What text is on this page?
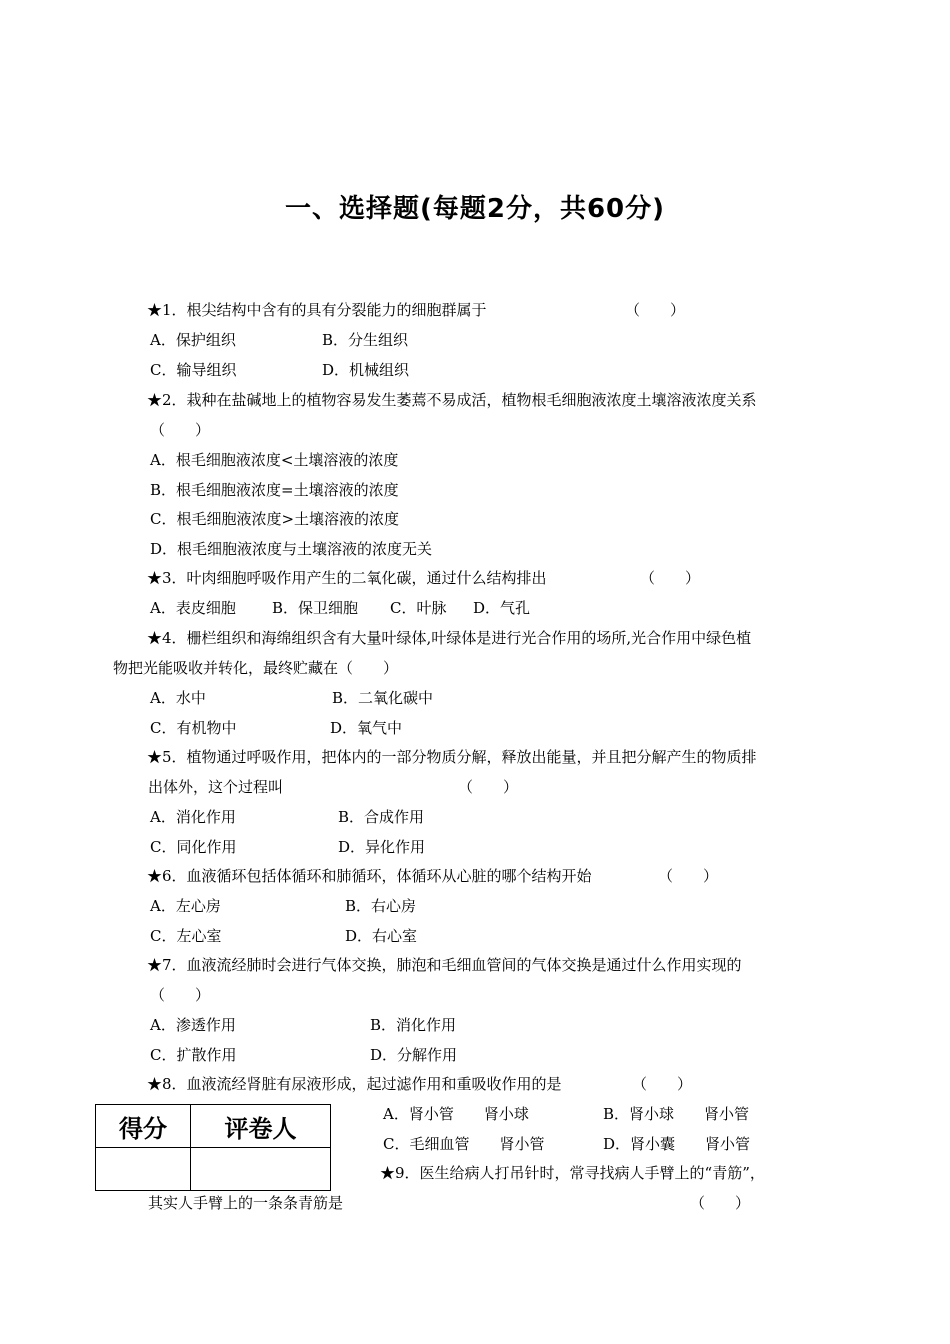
一、选择题(每题2分，共60分)
★1．根尖结构中含有的具有分裂能力的细胞群属于	（　　）
A．保护组织	B．分生组织
C．输导组织	D．机械组织
★2．栽种在盐碱地上的植物容易发生萎蔫不易成活，植物根毛细胞液浓度土壤溶液浓度关系
（　　）
A．根毛细胞液浓度<土壤溶液的浓度
B．根毛细胞液浓度=土壤溶液的浓度
C．根毛细胞液浓度>土壤溶液的浓度
D．根毛细胞液浓度与土壤溶液的浓度无关
★3．叶肉细胞呼吸作用产生的二氧化碳，通过什么结构排出	（　　）
A．表皮细胞 B．保卫细胞 C．叶脉 D．气孔
★4．栅栏组织和海绵组织含有大量叶绿体,叶绿体是进行光合作用的场所,光合作用中绿色植
物把光能吸收并转化，最终贮藏在（　　）
A．水中	B．二氧化碳中
C．有机物中	D．氧气中
★5．植物通过呼吸作用，把体内的一部分物质分解，释放出能量，并且把分解产生的物质排
出体外，这个过程叫	（　　）
A．消化作用	B．合成作用
C．同化作用	D．异化作用
★6．血液循环包括体循环和肺循环，体循环从心脏的哪个结构开始	（　　）
A．左心房	B．右心房
C．左心室	D．右心室
★7．血液流经肺时会进行气体交换，肺泡和毛细血管间的气体交换是通过什么作用实现的
（　　）
A．渗透作用	B．消化作用
C．扩散作用	D．分解作用
★8．血液流经肾脏有尿液形成，起过滤作用和重吸收作用的是	（　　）
A．肾小管　　肾小球	B．肾小球　　肾小管
C．毛细血管　　肾小管	D．肾小囊　　肾小管
得分	评卷人

★9．医生给病人打吊针时，常寻找病人手臂上的“青筋”，
其实人手臂上的一条条青筋是	（　　）
